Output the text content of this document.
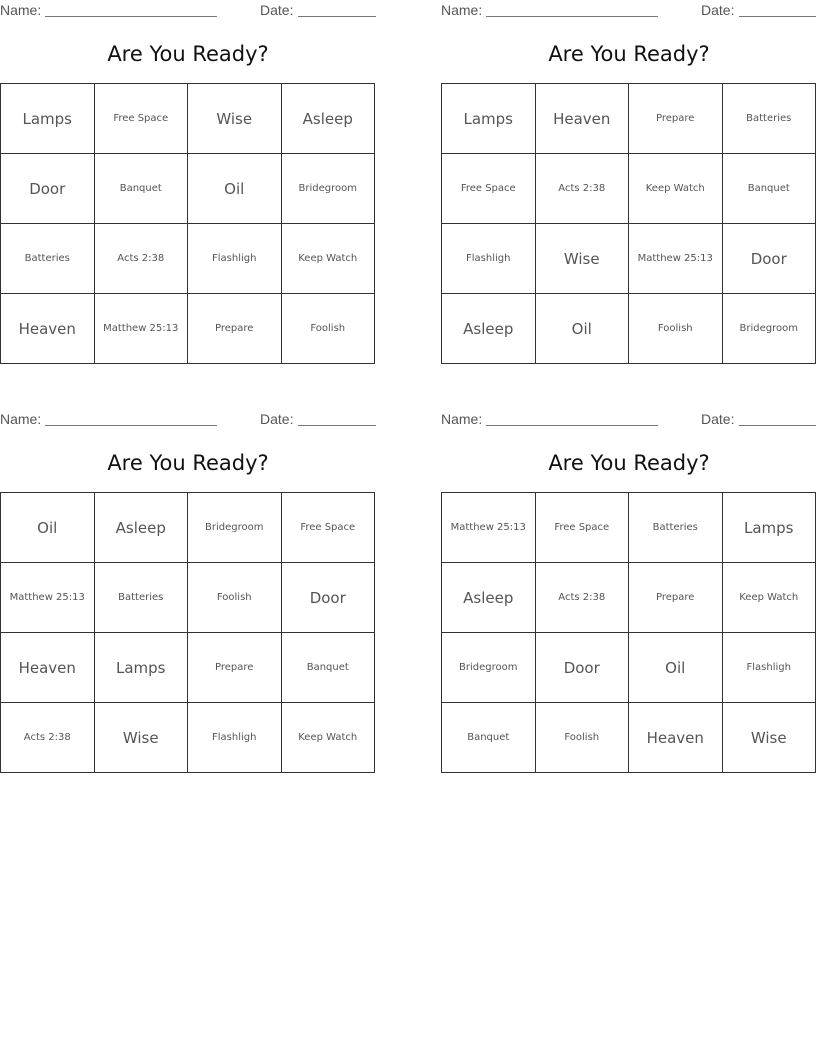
Name:	Date:
Are You Ready?
Lamps	Free Space	Wise	Asleep
Door	Banquet	Oil	Bridegroom
Batteries	Acts 2:38	Flashligh	Keep Watch
Heaven	Matthew 25:13	Prepare	Foolish
Name:	Date:
Are You Ready?
Lamps	Heaven	Prepare	Batteries
Free Space	Acts 2:38	Keep Watch	Banquet
Flashligh	Wise	Matthew 25:13	Door
Asleep	Oil	Foolish	Bridegroom
Name:	Date:
Are You Ready?
Oil	Asleep	Bridegroom	Free Space
Matthew 25:13	Batteries	Foolish	Door
Heaven	Lamps	Prepare	Banquet
Acts 2:38	Wise	Flashligh	Keep Watch
Name:	Date:
Are You Ready?
Matthew 25:13	Free Space	Batteries	Lamps
Asleep	Acts 2:38	Prepare	Keep Watch
Bridegroom	Door	Oil	Flashligh
Banquet	Foolish	Heaven	Wise
